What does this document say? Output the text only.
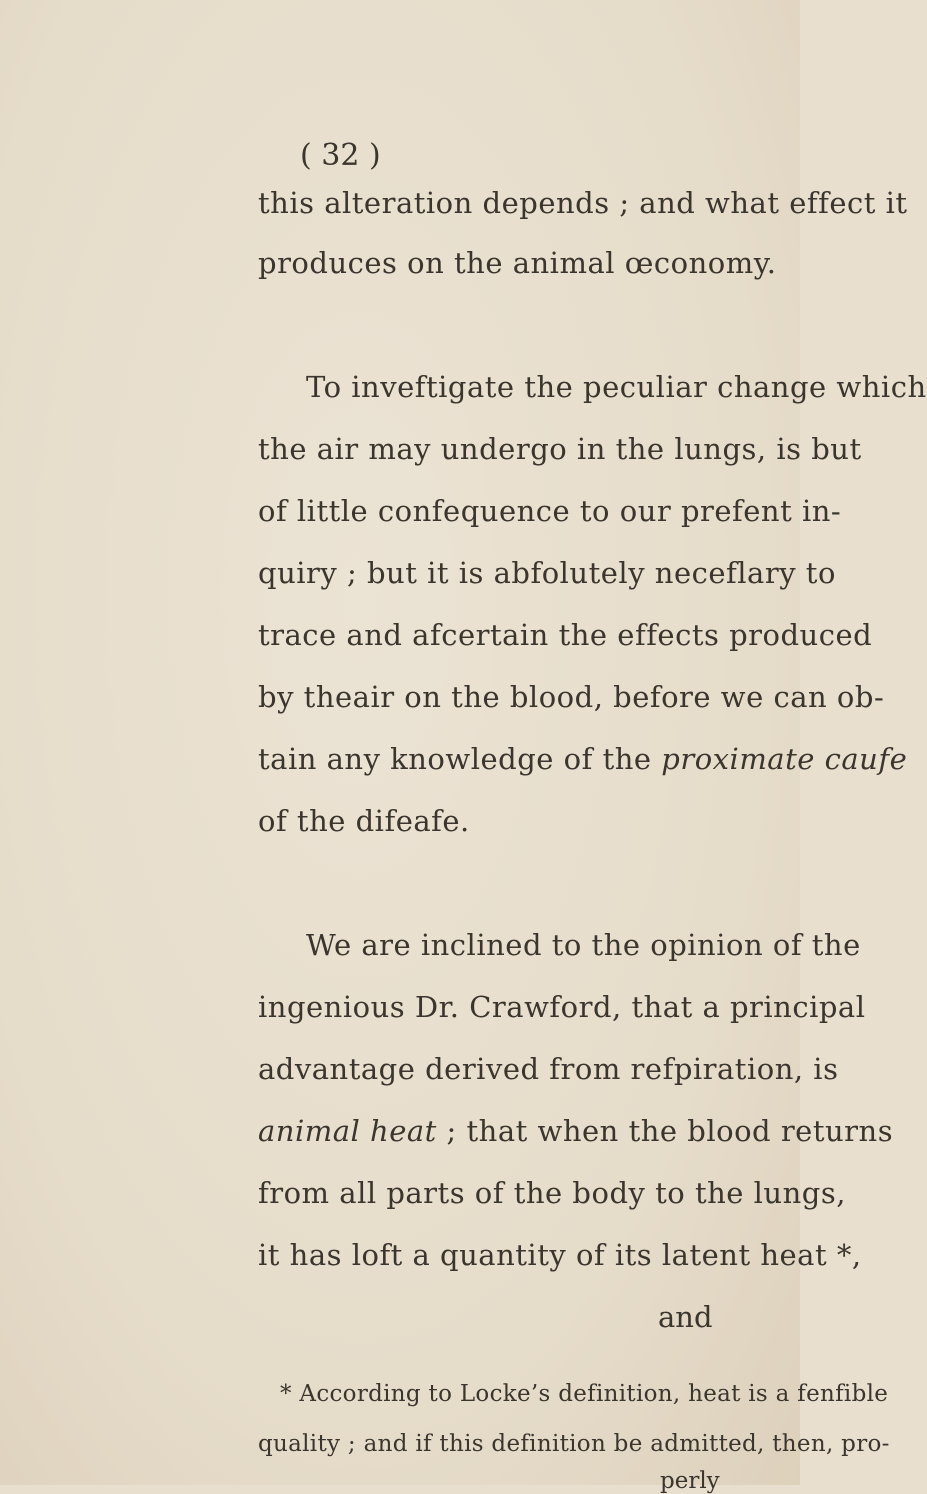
( 32 )
this alteration depends ; and what effect it
produces on the animal œconomy.
To inveftigate the peculiar change which
the air may undergo in the lungs, is but
of little confequence to our prefent in-
quiry ; but it is abfolutely neceflary to
trace and afcertain the effects produced
by theair on the blood, before we can ob-
tain any knowledge of the proximate caufe
of the difeafe.
We are inclined to the opinion of the
ingenious Dr. Crawford, that a principal
advantage derived from refpiration, is
animal heat ; that when the blood returns
from all parts of the body to the lungs,
it has loft a quantity of its latent heat *,
and
* According to Locke’s definition, heat is a fenfible
quality ; and if this definition be admitted, then, pro-
perly
